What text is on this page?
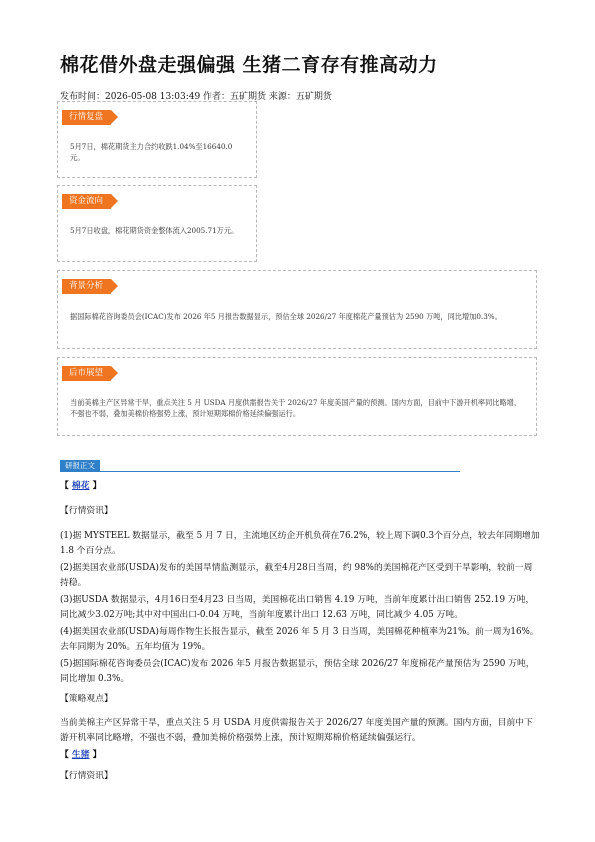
棉花借外盘走强偏强 生猪二育存有推高动力
发布时间：2026-05-08 13:03:49 作者：五矿期货 来源：五矿期货
行情复盘
5月7日，棉花期货主力合约收跌1.04%至16640.0元。
资金流向
5月7日收盘，棉花期货资金整体流入2005.71万元。
背景分析
据国际棉花咨询委员会(ICAC)发布 2026 年5 月报告数据显示，预估全球 2026/27 年度棉花产量预估为 2590 万吨，同比增加0.3%。
后市展望
当前美棉主产区异常干旱，重点关注 5 月 USDA 月度供需报告关于 2026/27 年度美国产量的预测。国内方面，目前中下游开机率同比略增，不强也不弱，叠加美棉价格强势上涨，预计短期郑棉价格延续偏强运行。
研报正文

【 棉花 】

【行情资讯】

(1)据 MYSTEEL 数据显示，截至 5 月 7 日，主流地区纺企开机负荷在76.2%，较上周下调0.3个百分点，较去年同期增加 1.8 个百分点。

(2)据美国农业部(USDA)发布的美国旱情监测显示，截至4月28日当周，约 98%的美国棉花产区受到干旱影响，较前一周持稳。

(3)据USDA 数据显示，4月16日至4月23 日当周，美国棉花出口销售 4.19 万吨，当前年度累计出口销售 252.19 万吨，同比减少3.02万吨;其中对中国出口-0.04 万吨，当前年度累计出口 12.63 万吨，同比减少 4.05 万吨。

(4)据美国农业部(USDA)每周作物生长报告显示，截至 2026 年 5 月 3 日当周，美国棉花种植率为21%。前一周为16%。去年同期为 20%。五年均值为 19%。

(5)据国际棉花咨询委员会(ICAC)发布 2026 年5 月报告数据显示，预估全球 2026/27 年度棉花产量预估为 2590 万吨，同比增加 0.3%。

【策略观点】

当前美棉主产区异常干旱，重点关注 5 月 USDA 月度供需报告关于 2026/27 年度美国产量的预测。国内方面，目前中下游开机率同比略增，不强也不弱，叠加美棉价格强势上涨，预计短期郑棉价格延续偏强运行。

【 生猪 】

【行情资讯】
